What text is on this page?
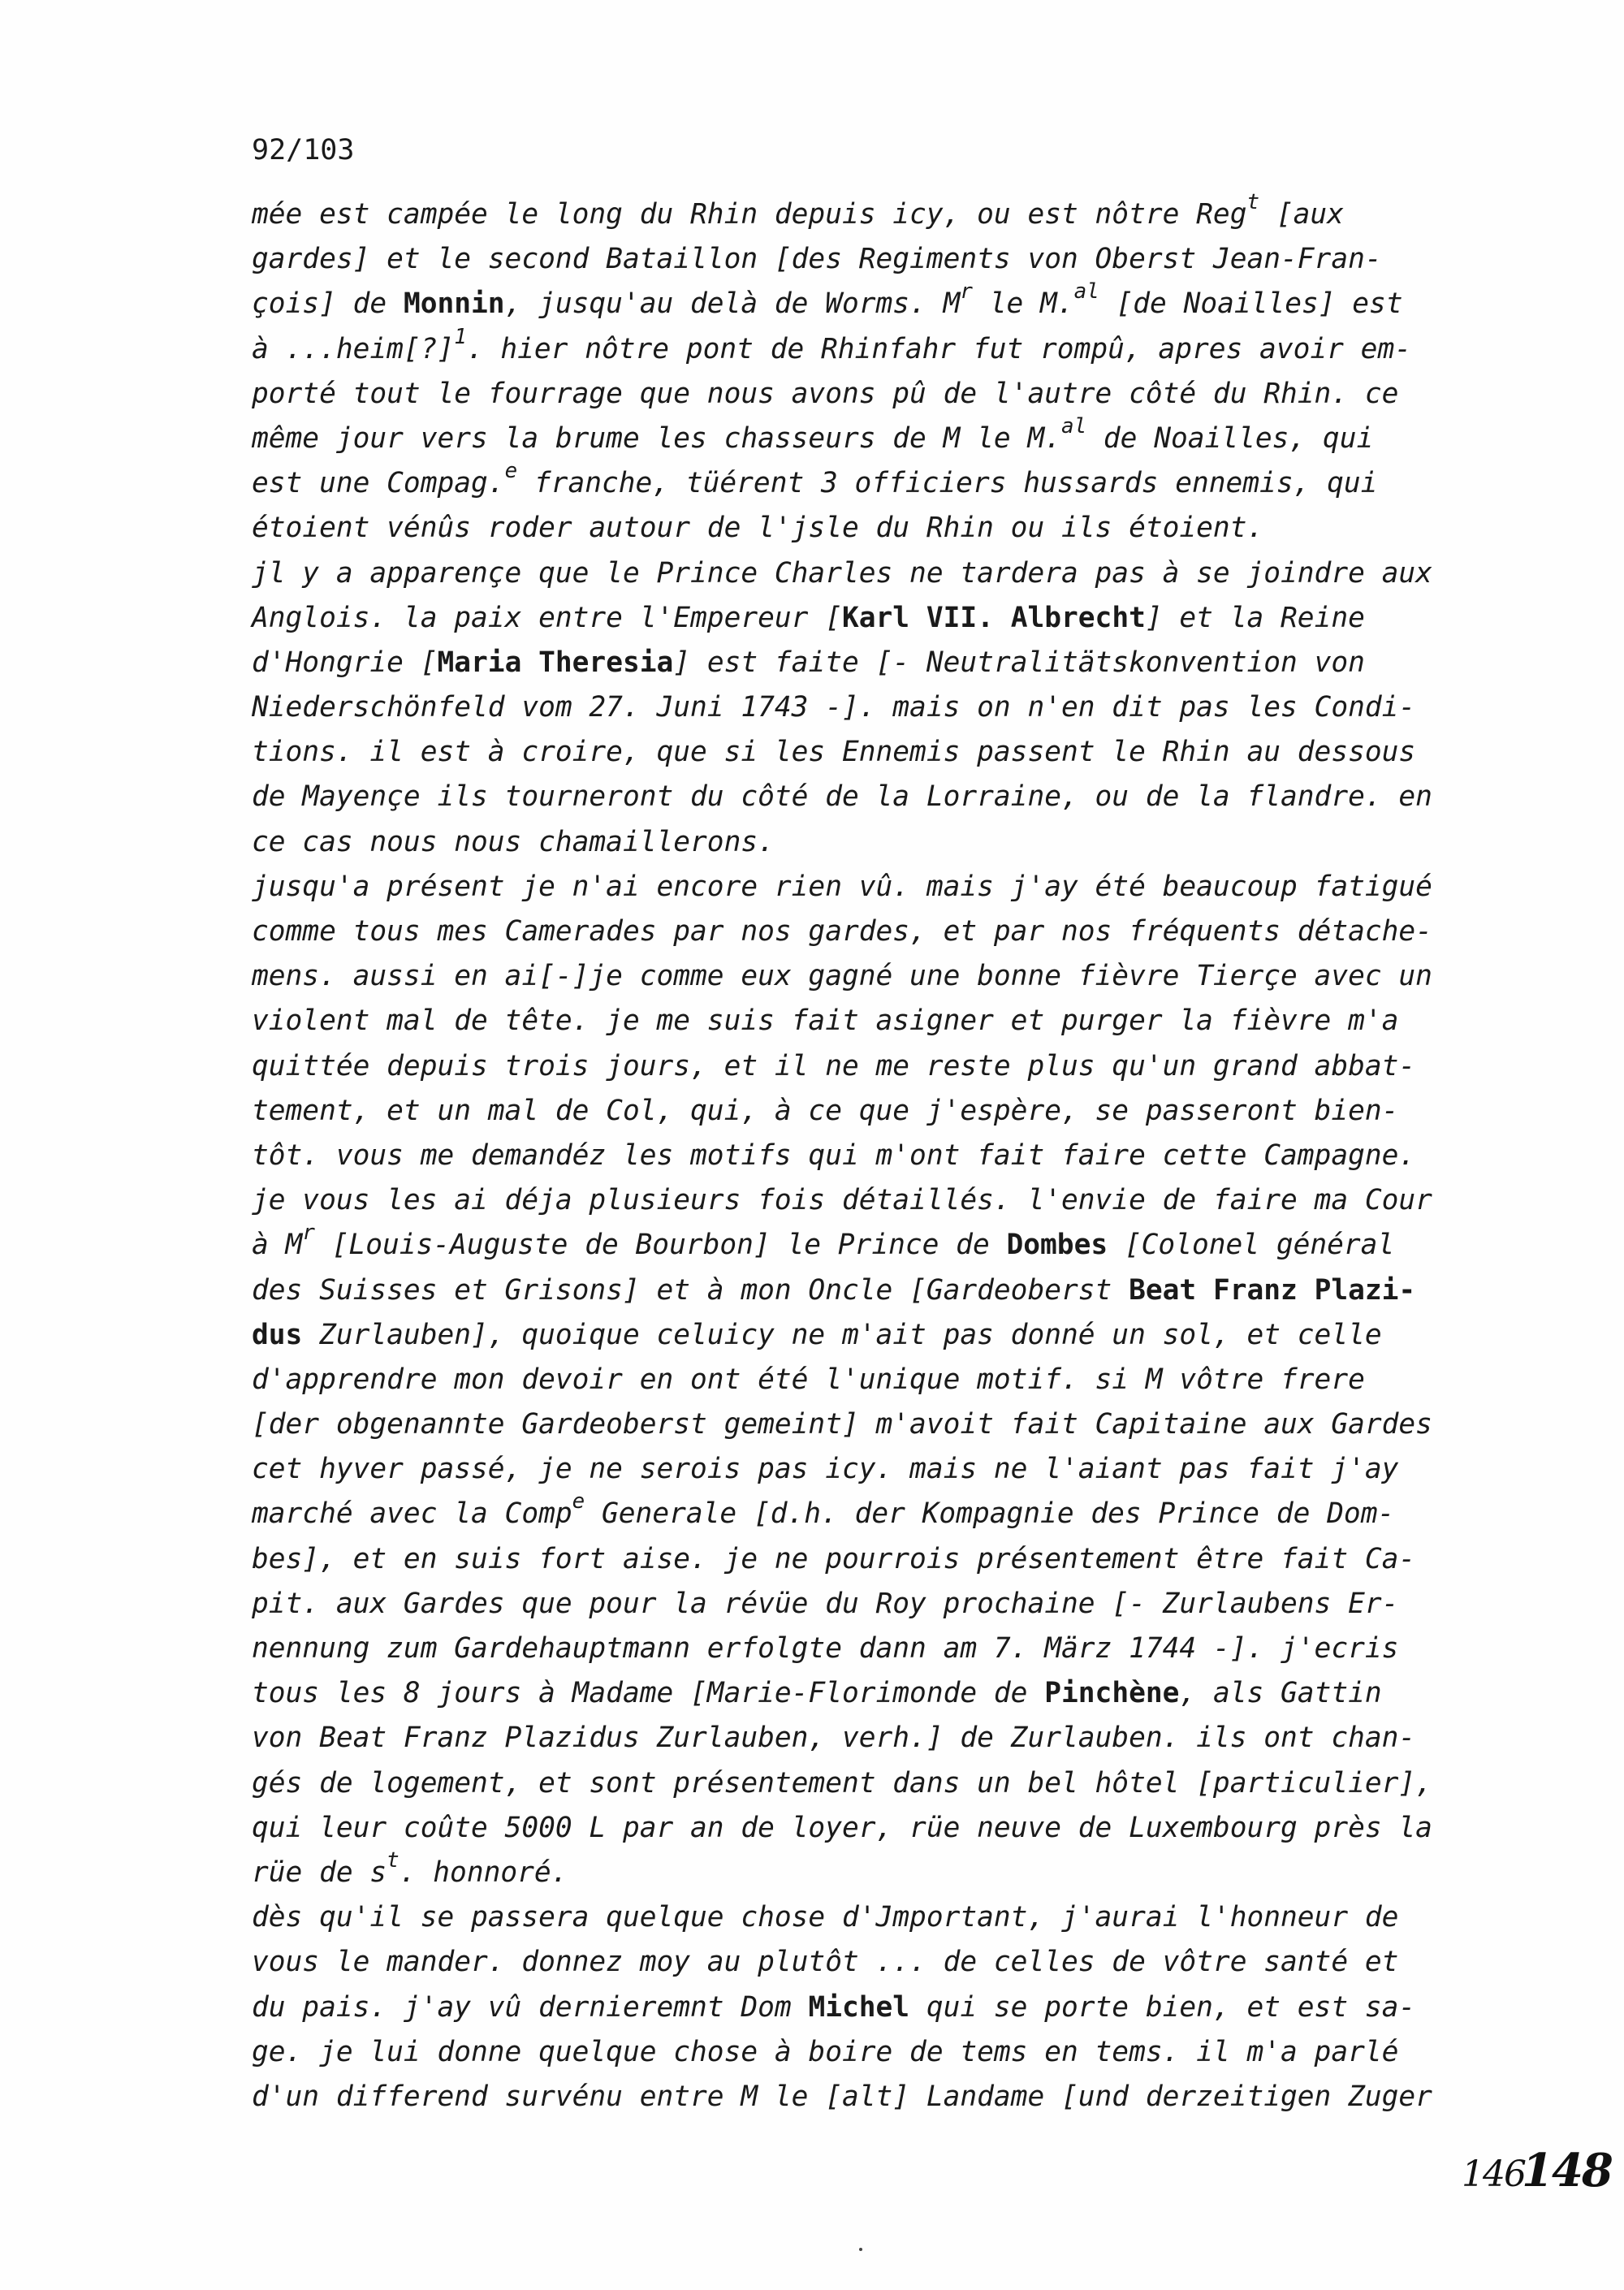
92/103

mée est campée le long du Rhin depuis icy, ou est nôtre Reg$^t$ [aux
gardes] et le second Bataillon [des Regiments von Oberst Jean-Fran-
çois] de Monnin, jusqu'au delà de Worms. $M^r$ le M.$^{al}$ [de Noailles] est
à ...heim[?]$^1$. hier nôtre pont de Rhinfahr fut rompû, apres avoir em-
porté tout le fourrage que nous avons pû de l'autre côté du Rhin. ce
même jour vers la brume les chasseurs de M le M.$^{al}$ de Noailles, qui
est une Compag.$^e$ franche, tüérent 3 officiers hussards ennemis, qui
étoient vénûs roder autour de l'jsle du Rhin ou ils étoient.
jl y a apparençe que le Prince Charles ne tardera pas à se joindre aux
Anglois. la paix entre l'Empereur [Karl VII. Albrecht] et la Reine
d'Hongrie [Maria Theresia] est faite [- Neutralitätskonvention von
Niederschönfeld vom 27. Juni 1743 -]. mais on n'en dit pas les Condi-
tions. il est à croire, que si les Ennemis passent le Rhin au dessous
de Mayençe ils tourneront du côté de la Lorraine, ou de la flandre. en
ce cas nous nous chamaillerons.
jusqu'a présent je n'ai encore rien vû. mais j'ay été beaucoup fatigué
comme tous mes Camerades par nos gardes, et par nos fréquents détache-
mens. aussi en ai[-]je comme eux gagné une bonne fièvre Tierçe avec un
violent mal de tête. je me suis fait asigner et purger la fièvre m'a
quittée depuis trois jours, et il ne me reste plus qu'un grand abbat-
tement, et un mal de Col, qui, à ce que j'espère, se passeront bien-
tôt. vous me demandéz les motifs qui m'ont fait faire cette Campagne.
je vous les ai déja plusieurs fois détaillés. l'envie de faire ma Cour
à $M^r$ [Louis-Auguste de Bourbon] le Prince de Dombes [Colonel général
des Suisses et Grisons] et à mon Oncle [Gardeoberst Beat Franz Plazi-
dus Zurlauben], quoique celuicy ne m'ait pas donné un sol, et celle
d'apprendre mon devoir en ont été l'unique motif. si M vôtre frere
[der obgenannte Gardeoberst gemeint] m'avoit fait Capitaine aux Gardes
cet hyver passé, je ne serois pas icy. mais ne l'aiant pas fait j'ay
marché avec la Comp$^e$ Generale [d.h. der Kompagnie des Prince de Dom-
bes], et en suis fort aise. je ne pourrois présentement être fait Ca-
pit. aux Gardes que pour la révüe du Roy prochaine [- Zurlaubens Er-
nennung zum Gardehauptmann erfolgte dann am 7. März 1744 -]. j'ecris
tous les 8 jours à Madame [Marie-Florimonde de Pinchène, als Gattin
von Beat Franz Plazidus Zurlauben, verh.] de Zurlauben. ils ont chan-
gés de logement, et sont présentement dans un bel hôtel [particulier],
qui leur coûte 5000 L par an de loyer, rüe neuve de Luxembourg près la
rüe de $s^t$. honnoré.
dès qu'il se passera quelque chose d'Jmportant, j'aurai l'honneur de
vous le mander. donnez moy au plutôt ... de celles de vôtre santé et
du pais. j'ay vû dernieremnt Dom Michel qui se porte bien, et est sa-
ge. je lui donne quelque chose à boire de tems en tems. il m'a parlé
d'un differend survénu entre M le [alt] Landame [und derzeitigen Zuger

146148
